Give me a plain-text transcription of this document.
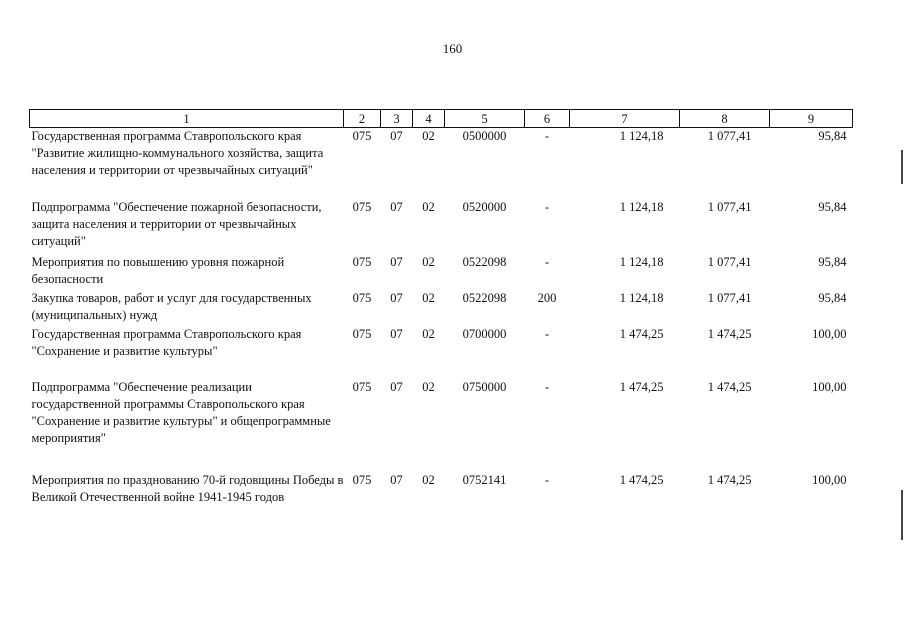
160
1	2	3	4	5	6	7	8	9
Государственная программа Ставропольского края "Развитие жилищно-коммунального хозяйства, защита населения и территории от чрезвычайных ситуаций"	075	07	02	0500000	-	1 124,18	1 077,41	95,84
Подпрограмма "Обеспечение пожарной безопасности, защита населения и территории от чрезвычайных ситуаций"	075	07	02	0520000	-	1 124,18	1 077,41	95,84
Мероприятия по повышению уровня пожарной безопасности	075	07	02	0522098	-	1 124,18	1 077,41	95,84
Закупка товаров, работ и услуг для государственных (муниципальных) нужд	075	07	02	0522098	200	1 124,18	1 077,41	95,84
Государственная программа Ставропольского края "Сохранение и развитие культуры"	075	07	02	0700000	-	1 474,25	1 474,25	100,00
Подпрограмма "Обеспечение реализации государственной программы Ставропольского края "Сохранение и развитие культуры" и общепрограммные мероприятия"	075	07	02	0750000	-	1 474,25	1 474,25	100,00
Мероприятия по празднованию 70-й годовщины Победы в Великой Отечественной войне 1941-1945 годов	075	07	02	0752141	-	1 474,25	1 474,25	100,00
